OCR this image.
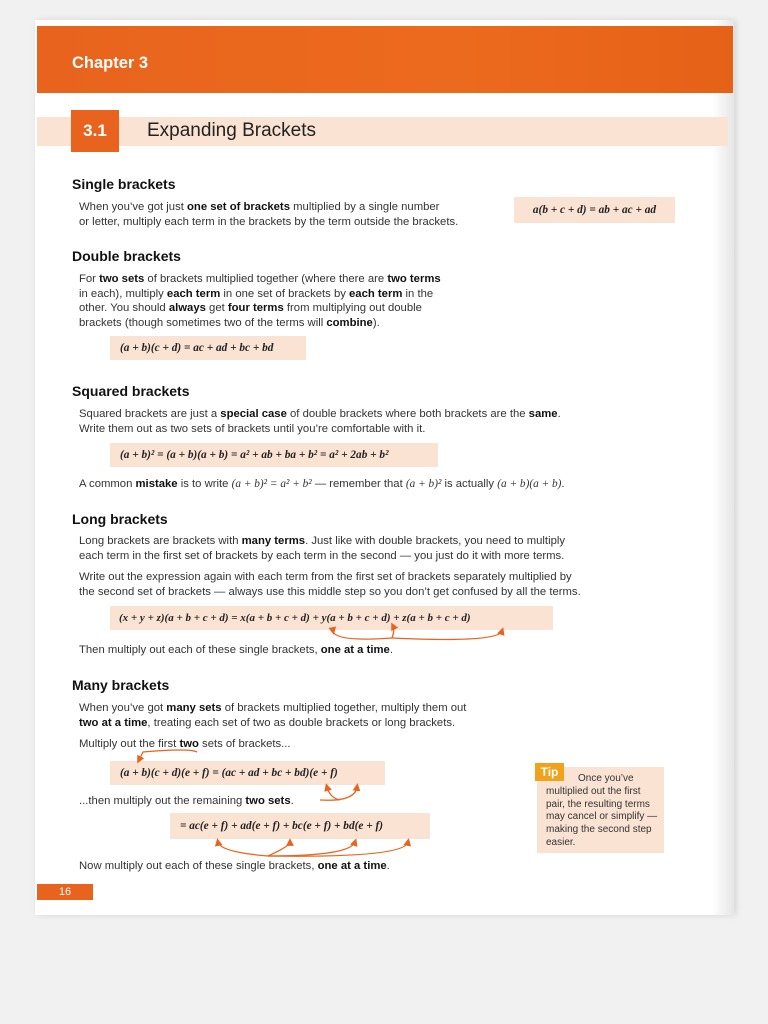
Chapter 3
3.1	Expanding Brackets
Single brackets
When you’ve got just one set of brackets multiplied by a single number
or letter, multiply each term in the brackets by the term outside the brackets.
a(b + c + d) = ab + ac + ad
Double brackets
For two sets of brackets multiplied together (where there are two terms
in each), multiply each term in one set of brackets by each term in the
other. You should always get four terms from multiplying out double
brackets (though sometimes two of the terms will combine).
(a + b)(c + d) = ac + ad + bc + bd
Squared brackets
Squared brackets are just a special case of double brackets where both brackets are the same.
Write them out as two sets of brackets until you’re comfortable with it.
(a + b)² = (a + b)(a + b) = a² + ab + ba + b² = a² + 2ab + b²
A common mistake is to write (a + b)² = a² + b² — remember that (a + b)² is actually (a + b)(a + b).
Long brackets
Long brackets are brackets with many terms. Just like with double brackets, you need to multiply
each term in the first set of brackets by each term in the second — you just do it with more terms.
Write out the expression again with each term from the first set of brackets separately multiplied by
the second set of brackets — always use this middle step so you don’t get confused by all the terms.
(x + y + z)(a + b + c + d) = x(a + b + c + d) + y(a + b + c + d) + z(a + b + c + d)
Then multiply out each of these single brackets, one at a time.
Many brackets
When you’ve got many sets of brackets multiplied together, multiply them out
two at a time, treating each set of two as double brackets or long brackets.
Multiply out the first two sets of brackets...
(a + b)(c + d)(e + f) = (ac + ad + bc + bd)(e + f)
...then multiply out the remaining two sets.
= ac(e + f) + ad(e + f) + bc(e + f) + bd(e + f)
Now multiply out each of these single brackets, one at a time.
Tip	Once you’ve multiplied out the first pair, the resulting terms may cancel or simplify — making the second step easier.
16
